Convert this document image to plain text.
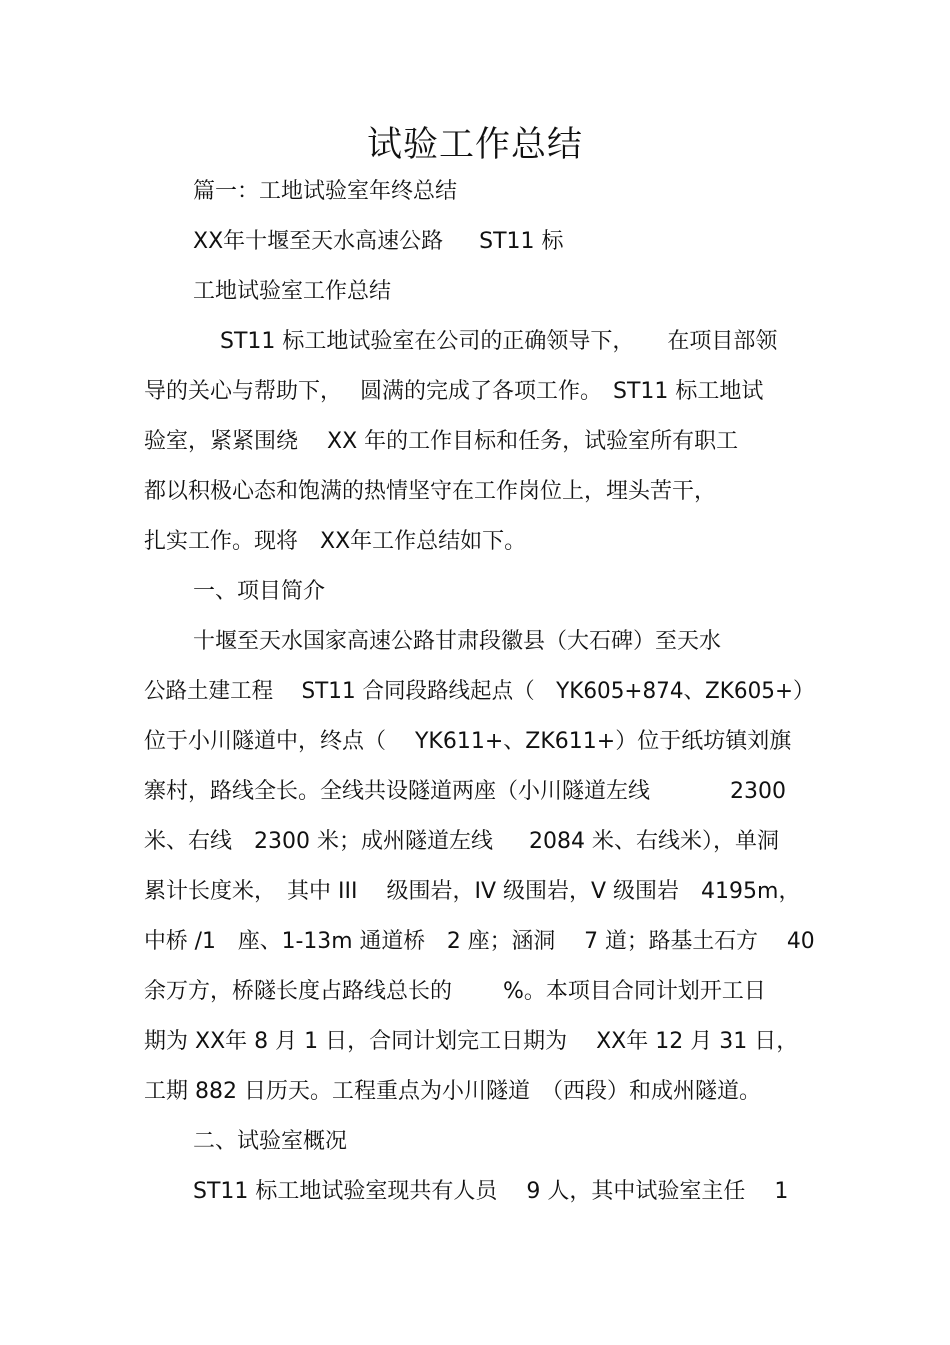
试验工作总结
篇一：工地试验室年终总结
XX年十堰至天水高速公路　  ST11 标
工地试验室工作总结
ST11 标工地试验室在公司的正确领导下，　　在项目部领
导的关心与帮助下，　 圆满的完成了各项工作。　ST11 标工地试
验室，紧紧围绕　 XX 年的工作目标和任务，试验室所有职工
都以积极心态和饱满的热情坚守在工作岗位上，埋头苦干，
扎实工作。现将　XX年工作总结如下。
一、项目简介
十堰至天水国家高速公路甘肃段徽县（大石碑）至天水
公路土建工程　 ST11 合同段路线起点（　YK605+874、ZK605+）
位于小川隧道中，终点（　 YK611+、ZK611+）位于纸坊镇刘旗
寨村，路线全长。全线共设隧道两座（小川隧道左线　　　  2300
米、右线　2300 米；成州隧道左线　  2084 米、右线米），单洞
累计长度米，　其中 III　 级围岩，IV 级围岩，V 级围岩　4195m，
中桥 /1　座、1-13m 通道桥　2 座；涵洞　 7 道；路基土石方　 40
余万方，桥隧长度占路线总长的　　 %。本项目合同计划开工日
期为 XX年 8 月 1 日，合同计划完工日期为　 XX年 12 月 31 日，
工期 882 日历天。工程重点为小川隧道　（西段）和成州隧道。
二、试验室概况
ST11 标工地试验室现共有人员　 9 人，其中试验室主任　 1
